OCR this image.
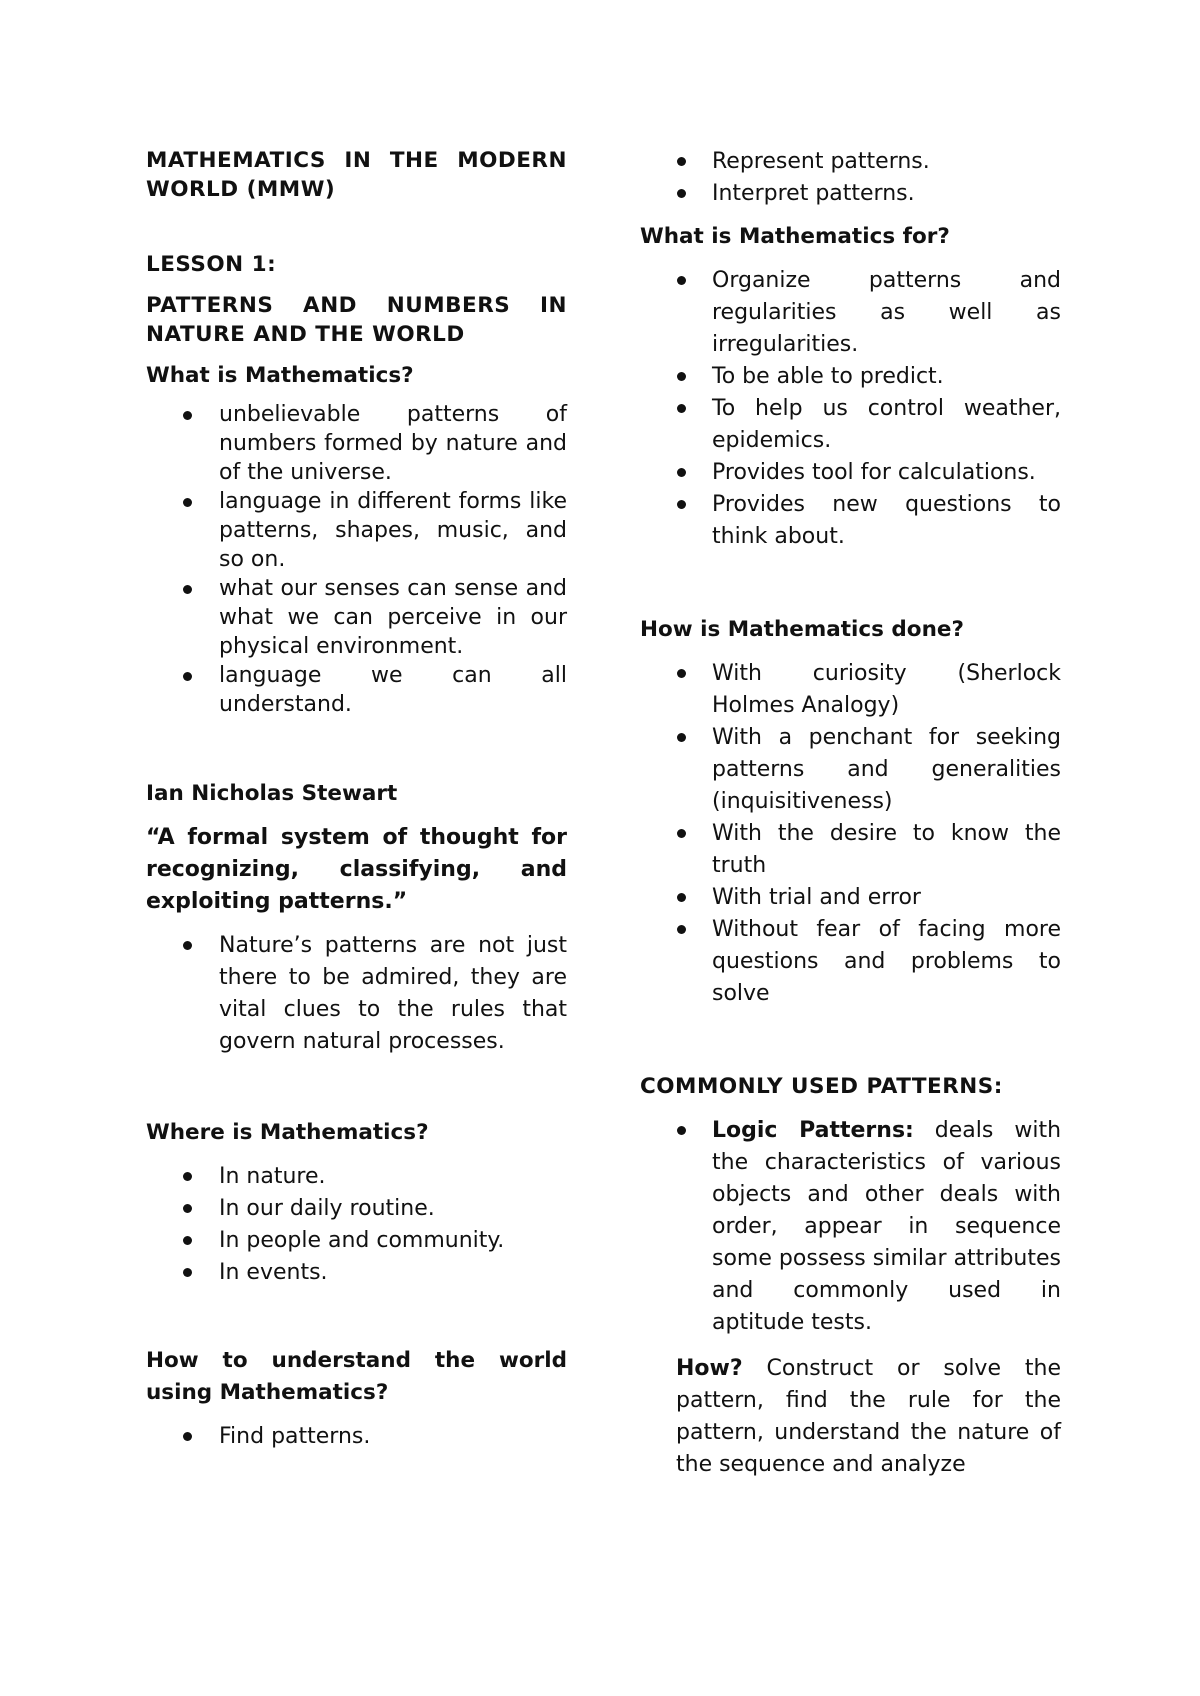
MATHEMATICS IN THE MODERN WORLD (MMW)

LESSON 1:

PATTERNS AND NUMBERS IN NATURE AND THE WORLD

What is Mathematics?

unbelievable patterns of numbers formed by nature and of the universe.
language in different forms like patterns, shapes, music, and so on.
what our senses can sense and what we can perceive in our physical environment.
language we can all understand.

Ian Nicholas Stewart

“A formal system of thought for recognizing, classifying, and exploiting patterns.”

Nature’s patterns are not just there to be admired, they are vital clues to the rules that govern natural processes.

Where is Mathematics?

In nature.
In our daily routine.
In people and community.
In events.

How to understand the world using Mathematics?

Find patterns.
Represent patterns.
Interpret patterns.

What is Mathematics for?

Organize patterns and regularities as well as irregularities.
To be able to predict.
To help us control weather, epidemics.
Provides tool for calculations.
Provides new questions to think about.

How is Mathematics done?

With curiosity (Sherlock Holmes Analogy)
With a penchant for seeking patterns and generalities (inquisitiveness)
With the desire to know the truth
With trial and error
Without fear of facing more questions and problems to solve

COMMONLY USED PATTERNS:

Logic Patterns: deals with the characteristics of various objects and other deals with order, appear in sequence some possess similar attributes and commonly used in aptitude tests.

How? Construct or solve the pattern, find the rule for the pattern, understand the nature of the sequence and analyze
